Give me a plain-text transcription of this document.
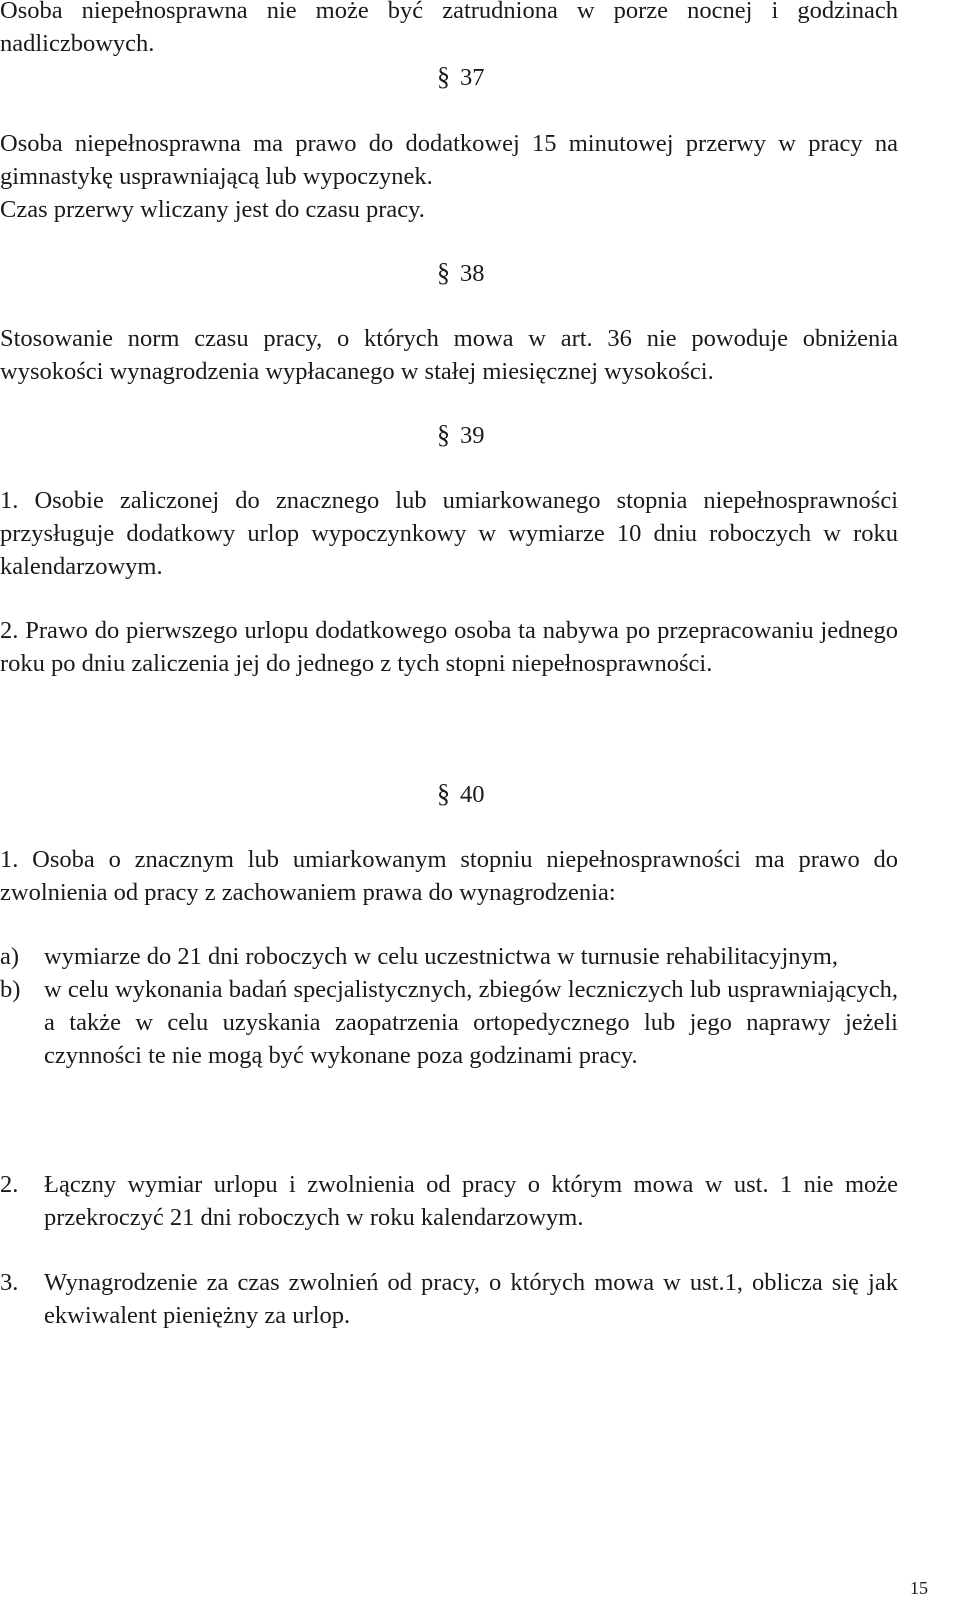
Osoba niepełnosprawna nie może być zatrudniona w porze nocnej i godzinach nadliczbowych.
§ 37
Osoba niepełnosprawna ma prawo do dodatkowej 15 minutowej przerwy w pracy na gimnastykę usprawniającą lub wypoczynek.
Czas przerwy wliczany jest do czasu pracy.
§ 38
Stosowanie norm czasu pracy, o których mowa w art. 36 nie powoduje obniżenia wysokości wynagrodzenia wypłacanego w stałej miesięcznej wysokości.
§ 39
1. Osobie zaliczonej do znacznego lub umiarkowanego stopnia niepełnosprawności przysługuje dodatkowy urlop wypoczynkowy w wymiarze 10 dniu roboczych w roku kalendarzowym.
2. Prawo do pierwszego urlopu dodatkowego osoba ta nabywa po przepracowaniu jednego roku po dniu zaliczenia jej do jednego z tych stopni niepełnosprawności.
§ 40
1. Osoba o znacznym lub umiarkowanym stopniu niepełnosprawności ma prawo do zwolnienia od pracy z zachowaniem prawa do wynagrodzenia:
a)	wymiarze do 21 dni roboczych w celu uczestnictwa w turnusie rehabilitacyjnym,
b) w celu wykonania badań specjalistycznych, zbiegów leczniczych lub usprawniających, a także w celu uzyskania zaopatrzenia ortopedycznego lub jego naprawy jeżeli czynności te nie mogą być wykonane poza godzinami pracy.
2.	Łączny wymiar urlopu i zwolnienia od pracy o którym mowa w ust. 1 nie może przekroczyć 21 dni roboczych w roku kalendarzowym.
3.	Wynagrodzenie za czas zwolnień od pracy, o których mowa w ust.1, oblicza się jak ekwiwalent pieniężny za urlop.
15
